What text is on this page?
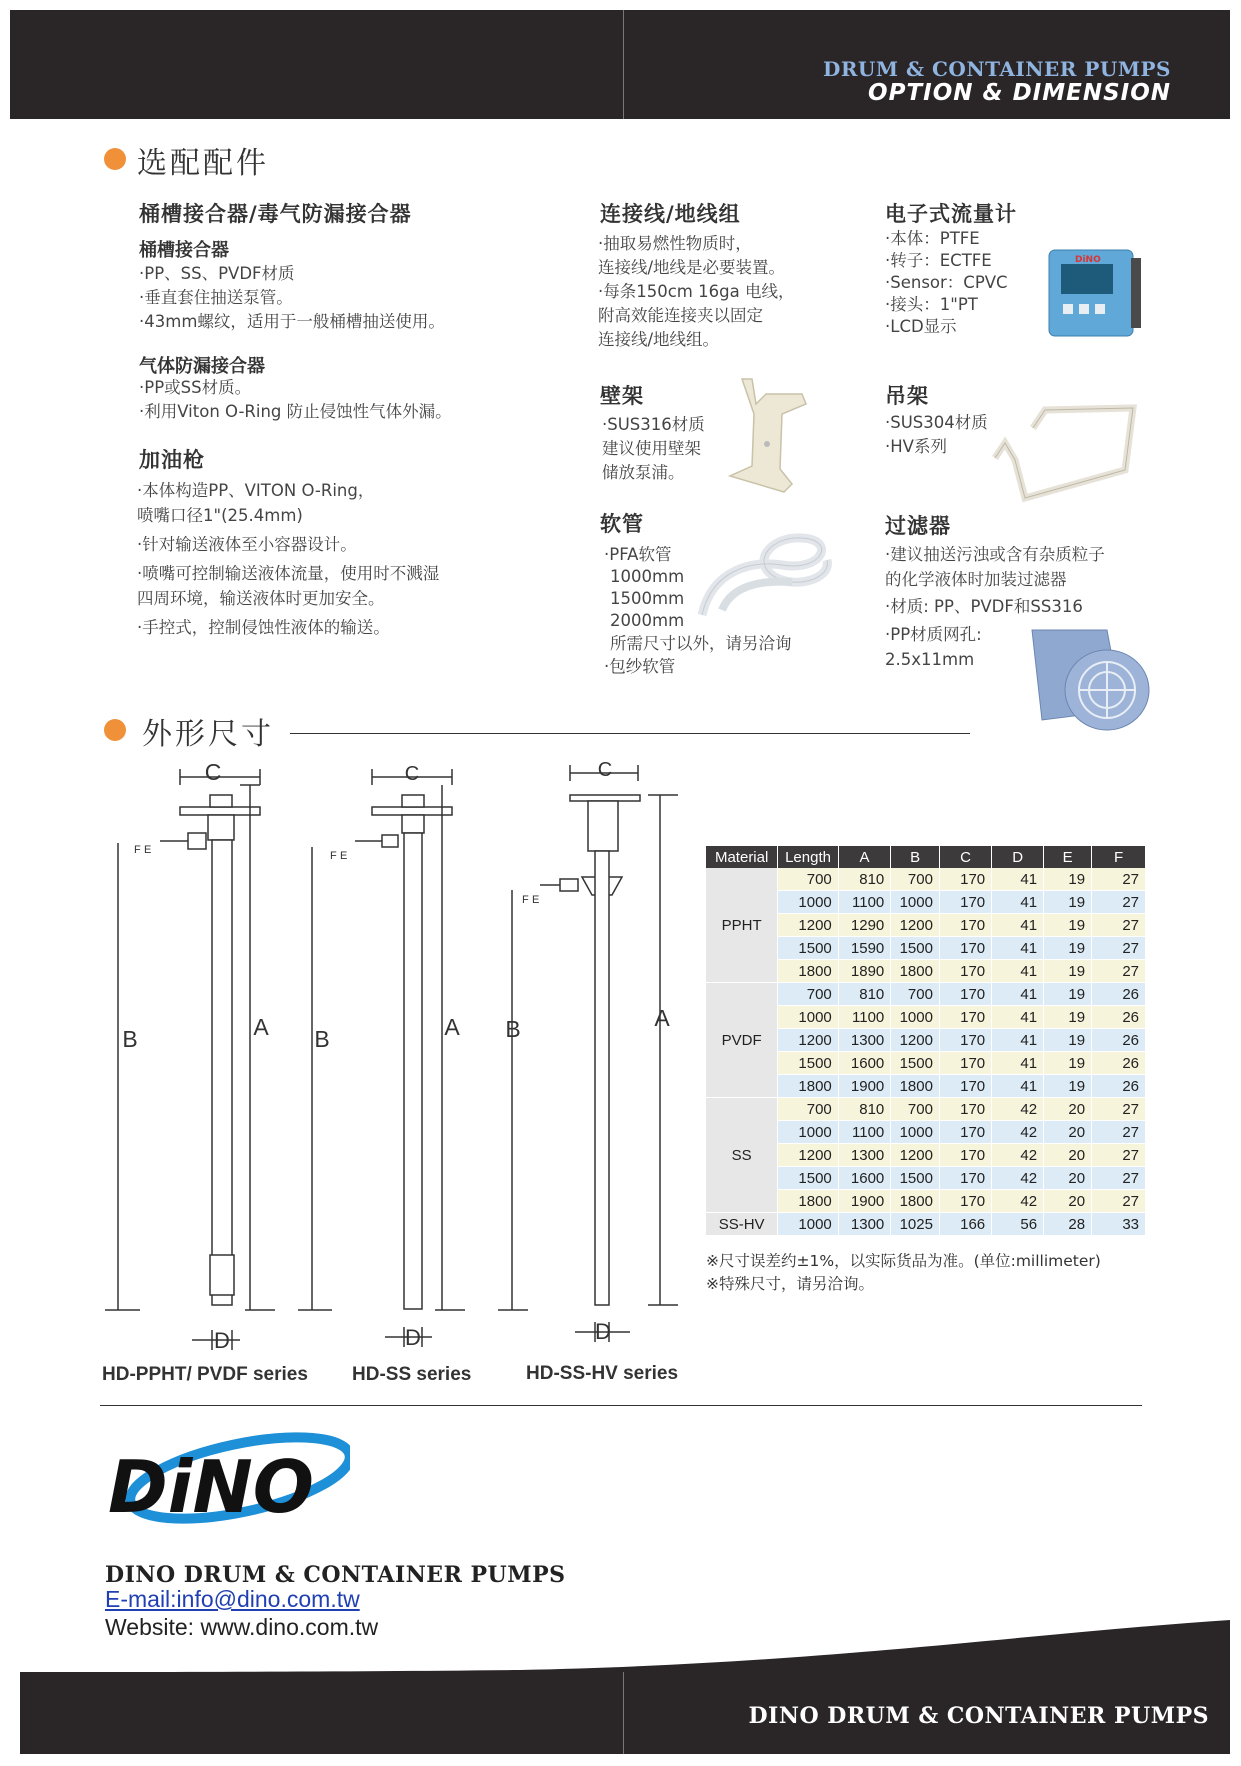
DRUM & CONTAINER PUMPS
OPTION & DIMENSION
选配配件
桶槽接合器/毒气防漏接合器
桶槽接合器
·PP、SS、PVDF材质
·垂直套住抽送泵管。
·43mm螺纹，适用于一般桶槽抽送使用。
气体防漏接合器
·PP或SS材质。
·利用Viton O-Ring 防止侵蚀性气体外漏。
加油枪
·本体构造PP、VITON O-Ring，
喷嘴口径1"(25.4mm)
·针对输送液体至小容器设计。
·喷嘴可控制输送液体流量，使用时不溅湿
四周环境，输送液体时更加安全。
·手控式，控制侵蚀性液体的输送。
连接线/地线组
·抽取易燃性物质时，
连接线/地线是必要装置。
·每条150cm 16ga 电线，
附高效能连接夹以固定
连接线/地线组。
壁架
·SUS316材质
建议使用壁架
储放泵浦。
软管
·PFA软管
1000mm
1500mm
2000mm
所需尺寸以外，请另洽询
·包纱软管
电子式流量计
·本体：PTFE
·转子：ECTFE
·Sensor：CPVC
·接头：1"PT
·LCD显示
DiNO
吊架
·SUS304材质
·HV系列
过滤器
·建议抽送污浊或含有杂质粒子
的化学液体时加装过滤器
·材质: PP、PVDF和SS316
·PP材质网孔:
2.5x11mm
外形尺寸
C
F E
A
B
D
C
F E
A
B
D
C
F E
A
B
D
HD-PPHT/ PVDF series HD-SS series	HD-SS-HV series
Material	Length	A	B	C	D	E	F
PPHT	700	810	700	170	41	19	27
	1000	1100	1000	170	41	19	27
	1200	1290	1200	170	41	19	27
	1500	1590	1500	170	41	19	27
	1800	1890	1800	170	41	19	27
PVDF	700	810	700	170	41	19	26
	1000	1100	1000	170	41	19	26
	1200	1300	1200	170	41	19	26
	1500	1600	1500	170	41	19	26
	1800	1900	1800	170	41	19	26
SS	700	810	700	170	42	20	27
	1000	1100	1000	170	42	20	27
	1200	1300	1200	170	42	20	27
	1500	1600	1500	170	42	20	27
	1800	1900	1800	170	42	20	27
SS-HV	1000	1300	1025	166	56	28	33
※尺寸误差约±1%，以实际货品为准。(单位:millimeter)
※特殊尺寸，请另洽询。
DiNO
DINO DRUM & CONTAINER PUMPS
E-mail:info@dino.com.tw
Website: www.dino.com.tw
DINO DRUM & CONTAINER PUMPS
